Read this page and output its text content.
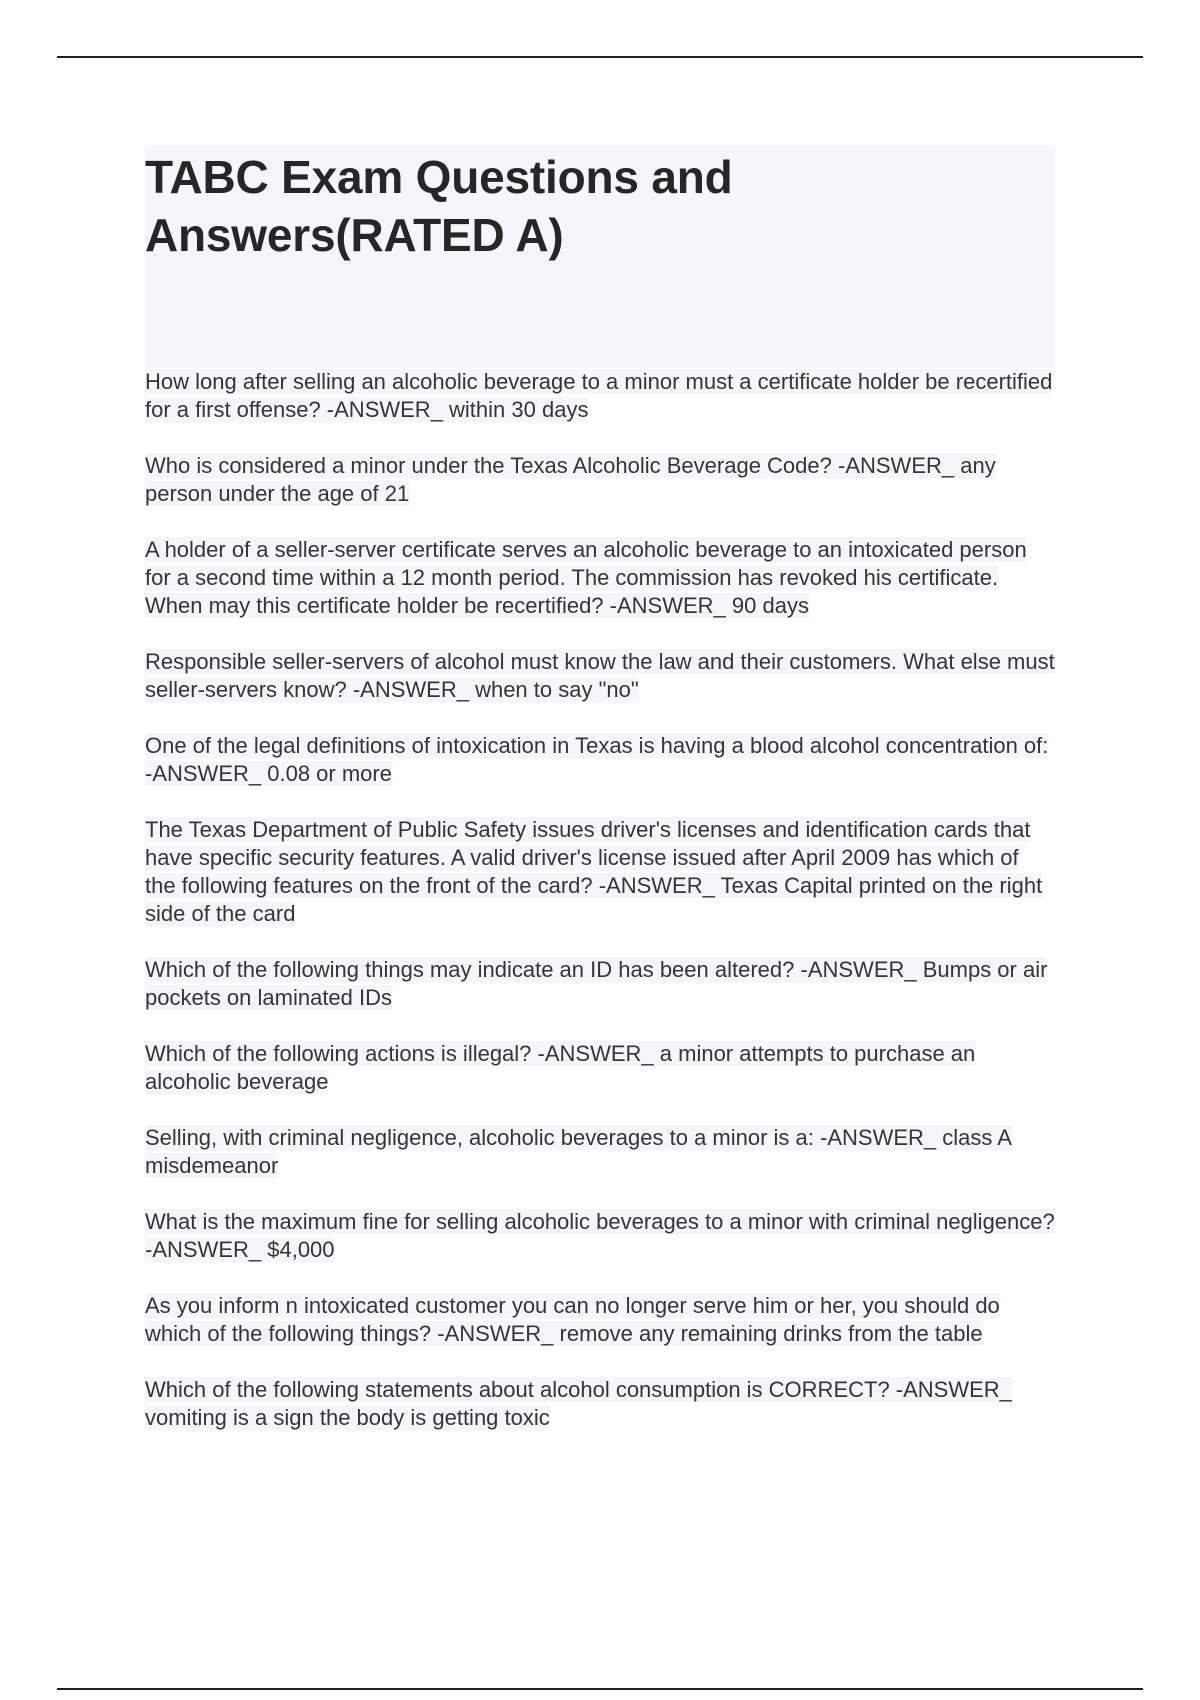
TABC Exam Questions and Answers(RATED A)

How long after selling an alcoholic beverage to a minor must a certificate holder be recertified for a first offense? -ANSWER_ within 30 days

Who is considered a minor under the Texas Alcoholic Beverage Code? -ANSWER_ any person under the age of 21

A holder of a seller-server certificate serves an alcoholic beverage to an intoxicated person for a second time within a 12 month period. The commission has revoked his certificate. When may this certificate holder be recertified? -ANSWER_ 90 days

Responsible seller-servers of alcohol must know the law and their customers. What else must seller-servers know? -ANSWER_ when to say "no"

One of the legal definitions of intoxication in Texas is having a blood alcohol concentration of: -ANSWER_ 0.08 or more

The Texas Department of Public Safety issues driver's licenses and identification cards that have specific security features. A valid driver's license issued after April 2009 has which of the following features on the front of the card? -ANSWER_ Texas Capital printed on the right side of the card

Which of the following things may indicate an ID has been altered? -ANSWER_ Bumps or air pockets on laminated IDs

Which of the following actions is illegal? -ANSWER_ a minor attempts to purchase an alcoholic beverage

Selling, with criminal negligence, alcoholic beverages to a minor is a: -ANSWER_ class A misdemeanor

What is the maximum fine for selling alcoholic beverages to a minor with criminal negligence? -ANSWER_ $4,000

As you inform n intoxicated customer you can no longer serve him or her, you should do which of the following things? -ANSWER_ remove any remaining drinks from the table

Which of the following statements about alcohol consumption is CORRECT? -ANSWER_ vomiting is a sign the body is getting toxic
